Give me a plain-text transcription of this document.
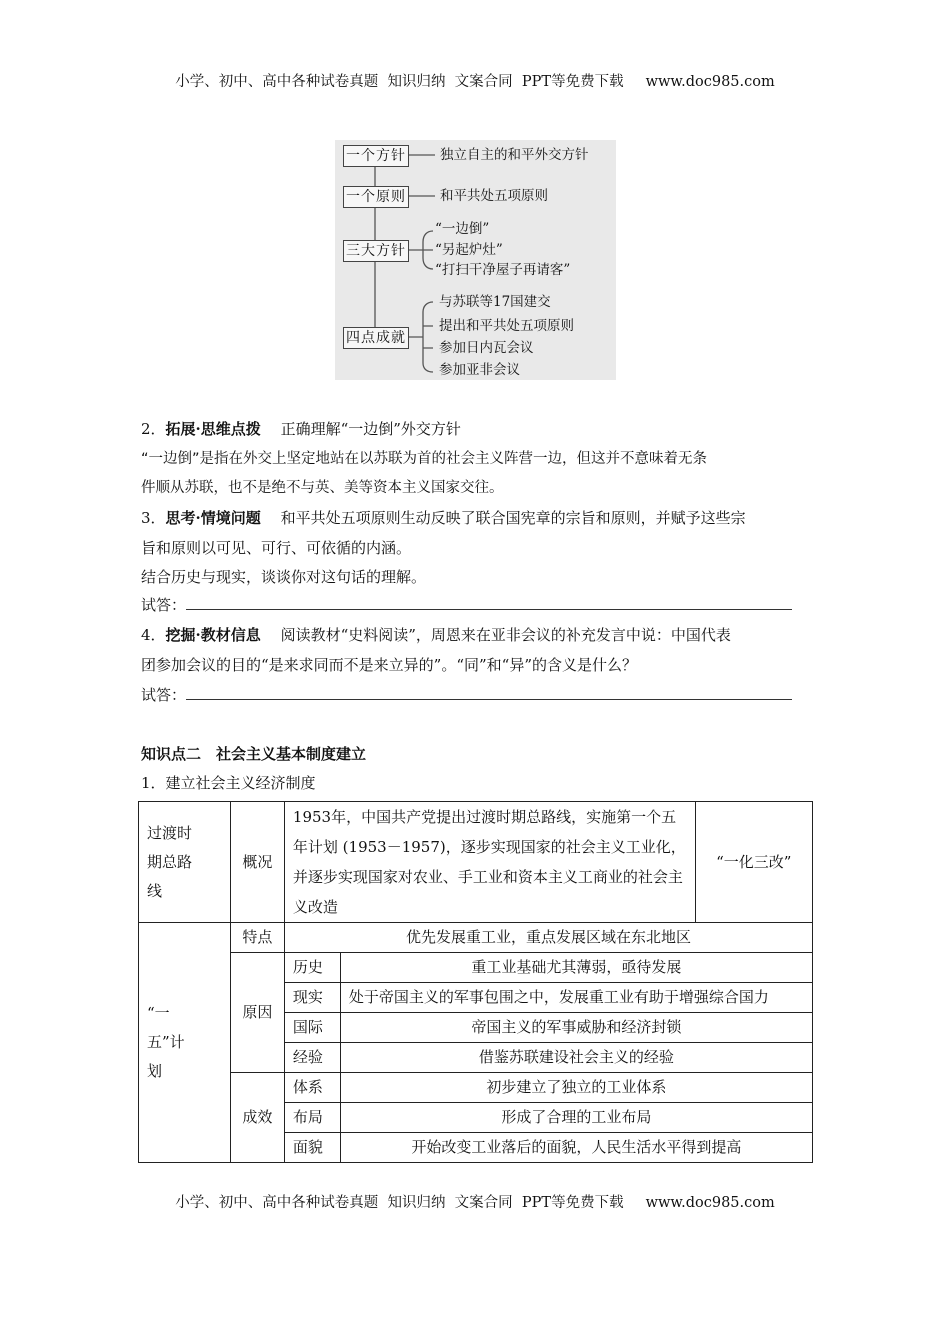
小学、初中、高中各种试卷真题  知识归纳  文案合同  PPT等免费下载 www.doc985.com
一个方针	独立自主的和平外交方针
一个原则	和平共处五项原则
三大方针
“一边倒”
“另起炉灶”
“打扫干净屋子再请客”
四点成就
与苏联等17国建交
提出和平共处五项原则
参加日内瓦会议
参加亚非会议
2．拓展·思维点拨　 正确理解“一边倒”外交方针
“一边倒”是指在外交上坚定地站在以苏联为首的社会主义阵营一边，但这并不意味着无条
件顺从苏联，也不是绝不与英、美等资本主义国家交往。
3．思考·情境问题　 和平共处五项原则生动反映了联合国宪章的宗旨和原则，并赋予这些宗
旨和原则以可见、可行、可依循的内涵。
结合历史与现实，谈谈你对这句话的理解。
试答：
4．挖掘·教材信息　 阅读教材“史料阅读”，周恩来在亚非会议的补充发言中说：中国代表
团参加会议的目的“是来求同而不是来立异的”。“同”和“异”的含义是什么？
试答：
知识点二　社会主义基本制度建立
1．建立社会主义经济制度
过渡时期总路线	概况	1953年，中国共产党提出过渡时期总路线，实施第一个五年计划 (1953－1957)，逐步实现国家的社会主义工业化，并逐步实现国家对农业、手工业和资本主义工商业的社会主义改造		“一化三改”
“一五”计划	特点	优先发展重工业，重点发展区域在东北地区		
	原因	历史	重工业基础尤其薄弱，亟待发展	
		现实	处于帝国主义的军事包围之中，发展重工业有助于增强综合国力	
		国际	帝国主义的军事威胁和经济封锁	
		经验	借鉴苏联建设社会主义的经验	
	成效	体系	初步建立了独立的工业体系	
		布局	形成了合理的工业布局	
		面貌	开始改变工业落后的面貌，人民生活水平得到提高	
小学、初中、高中各种试卷真题  知识归纳  文案合同  PPT等免费下载 www.doc985.com
